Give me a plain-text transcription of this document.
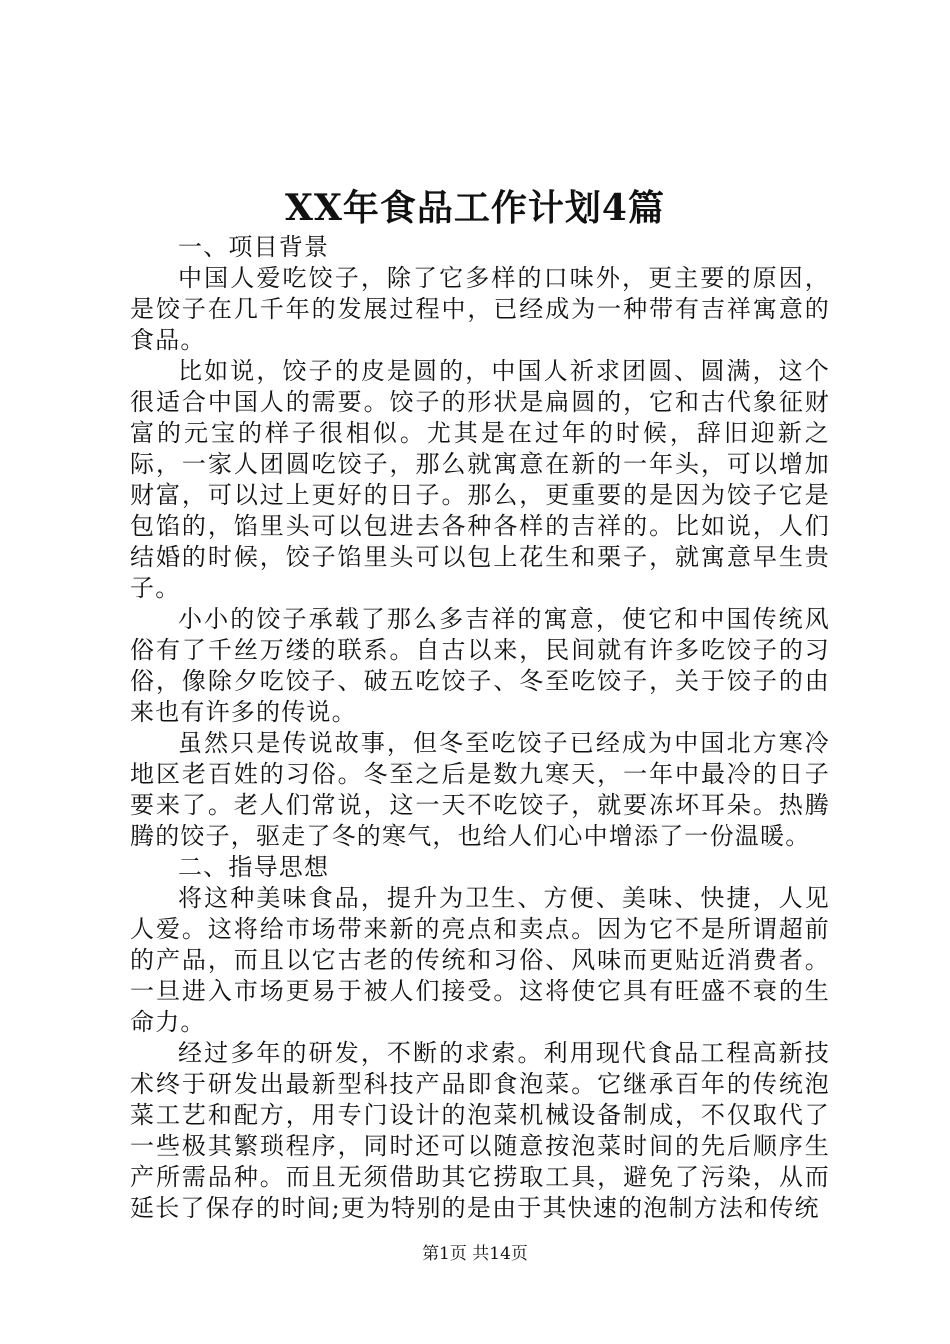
XX年食品工作计划4篇
一、项目背景
中国人爱吃饺子，除了它多样的口味外，更主要的原因，是饺子在几千年的发展过程中，已经成为一种带有吉祥寓意的食品。
比如说，饺子的皮是圆的，中国人祈求团圆、圆满，这个很适合中国人的需要。饺子的形状是扁圆的，它和古代象征财富的元宝的样子很相似。尤其是在过年的时候，辞旧迎新之际，一家人团圆吃饺子，那么就寓意在新的一年头，可以增加财富，可以过上更好的日子。那么，更重要的是因为饺子它是包馅的，馅里头可以包进去各种各样的吉祥的。比如说，人们结婚的时候，饺子馅里头可以包上花生和栗子，就寓意早生贵子。
小小的饺子承载了那么多吉祥的寓意，使它和中国传统风俗有了千丝万缕的联系。自古以来，民间就有许多吃饺子的习俗，像除夕吃饺子、破五吃饺子、冬至吃饺子，关于饺子的由来也有许多的传说。
虽然只是传说故事，但冬至吃饺子已经成为中国北方寒冷地区老百姓的习俗。冬至之后是数九寒天，一年中最冷的日子要来了。老人们常说，这一天不吃饺子，就要冻坏耳朵。热腾腾的饺子，驱走了冬的寒气，也给人们心中增添了一份温暖。
二、指导思想
将这种美味食品，提升为卫生、方便、美味、快捷，人见人爱。这将给市场带来新的亮点和卖点。因为它不是所谓超前的产品，而且以它古老的传统和习俗、风味而更贴近消费者。一旦进入市场更易于被人们接受。这将使它具有旺盛不衰的生命力。
经过多年的研发，不断的求索。利用现代食品工程高新技术终于研发出最新型科技产品即食泡菜。它继承百年的传统泡菜工艺和配方，用专门设计的泡菜机械设备制成，不仅取代了一些极其繁琐程序，同时还可以随意按泡菜时间的先后顺序生产所需品种。而且无须借助其它捞取工具，避免了污染，从而延长了保存的时间;更为特别的是由于其快速的泡制方法和传统
第1页 共14页
